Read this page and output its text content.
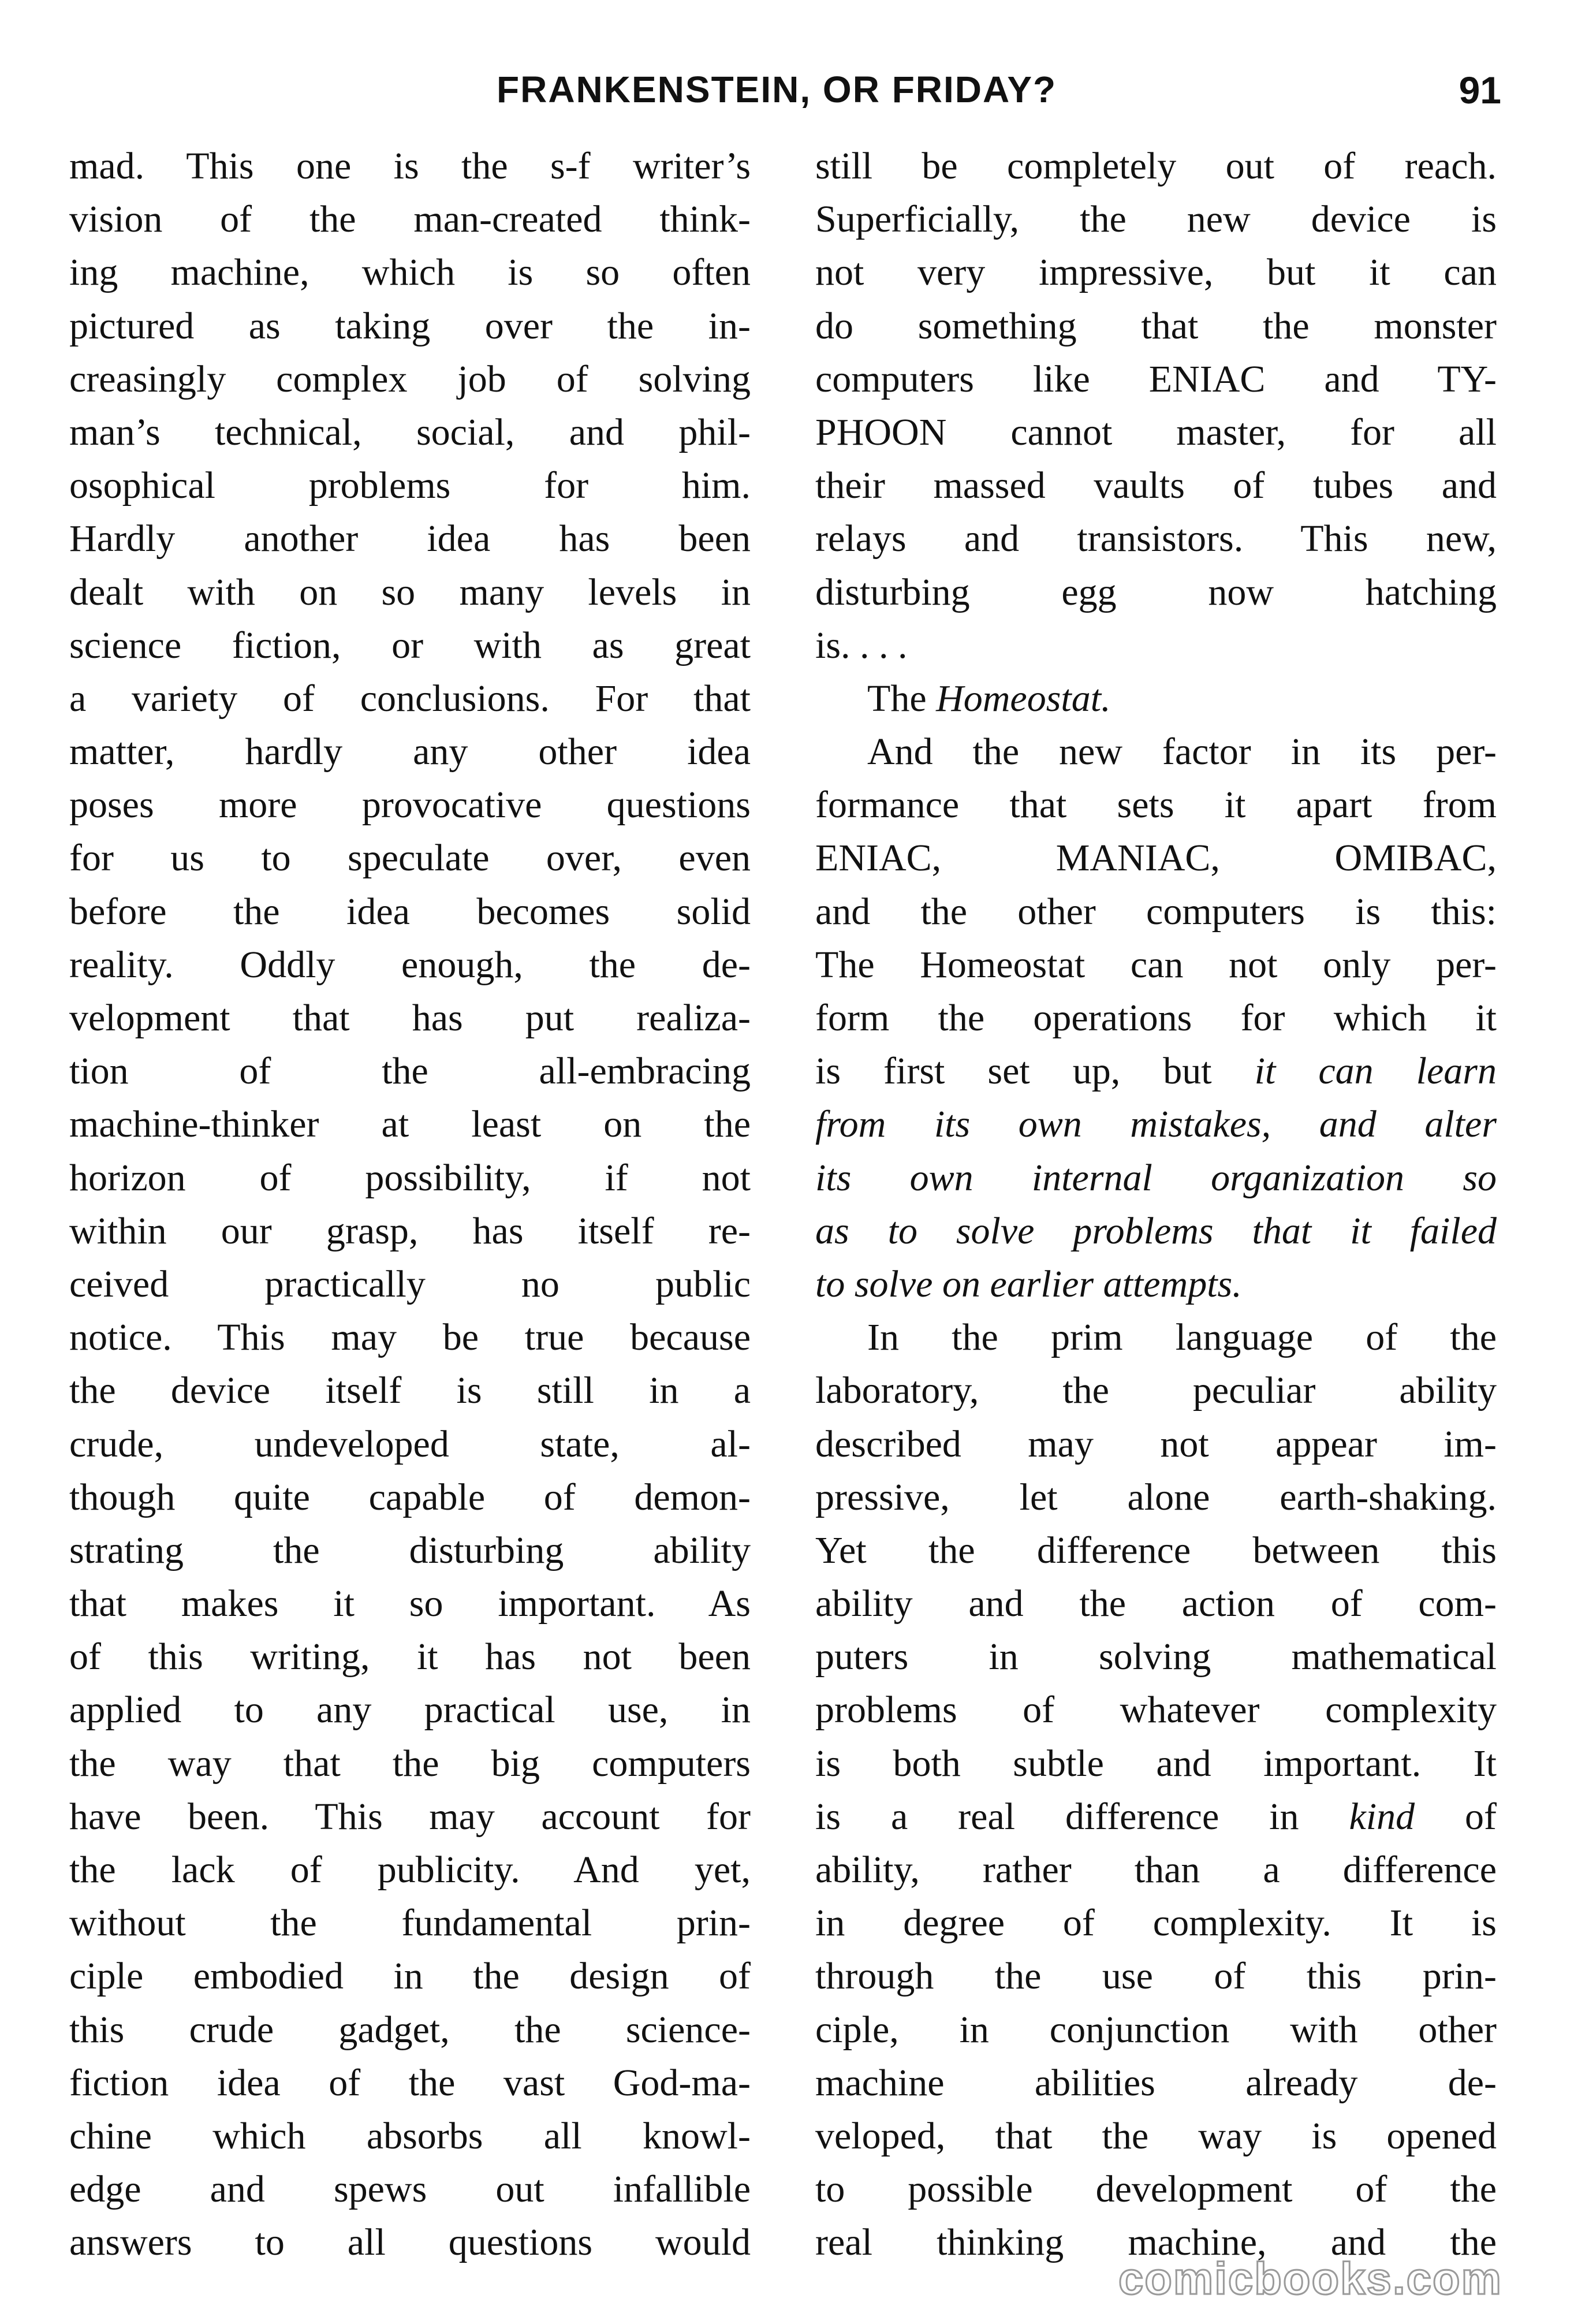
FRANKENSTEIN, OR FRIDAY?	91
mad. This one is the s-f writer’s
vision of the man-created think-
ing machine, which is so often
pictured as taking over the in-
creasingly complex job of solving
man’s technical, social, and phil-
osophical problems for him.
Hardly another idea has been
dealt with on so many levels in
science fiction, or with as great
a variety of conclusions. For that
matter, hardly any other idea
poses more provocative questions
for us to speculate over, even
before the idea becomes solid
reality. Oddly enough, the de-
velopment that has put realiza-
tion of the all-embracing
machine-thinker at least on the
horizon of possibility, if not
within our grasp, has itself re-
ceived practically no public
notice. This may be true because
the device itself is still in a
crude, undeveloped state, al-
though quite capable of demon-
strating the disturbing ability
that makes it so important. As
of this writing, it has not been
applied to any practical use, in
the way that the big computers
have been. This may account for
the lack of publicity. And yet,
without the fundamental prin-
ciple embodied in the design of
this crude gadget, the science-
fiction idea of the vast God-ma-
chine which absorbs all knowl-
edge and spews out infallible
answers to all questions would
still be completely out of reach.
Superficially, the new device is
not very impressive, but it can
do something that the monster
computers like ENIAC and TY-
PHOON cannot master, for all
their massed vaults of tubes and
relays and transistors. This new,
disturbing egg now hatching
is. . . .
The Homeostat.
And the new factor in its per-
formance that sets it apart from
ENIAC, MANIAC, OMIBAC,
and the other computers is this:
The Homeostat can not only per-
form the operations for which it
is first set up, but it can learn
from its own mistakes, and alter
its own internal organization so
as to solve problems that it failed
to solve on earlier attempts.
In the prim language of the
laboratory, the peculiar ability
described may not appear im-
pressive, let alone earth-shaking.
Yet the difference between this
ability and the action of com-
puters in solving mathematical
problems of whatever complexity
is both subtle and important. It
is a real difference in kind of
ability, rather than a difference
in degree of complexity. It is
through the use of this prin-
ciple, in conjunction with other
machine abilities already de-
veloped, that the way is opened
to possible development of the
real thinking machine, and the
comicbooks.com
